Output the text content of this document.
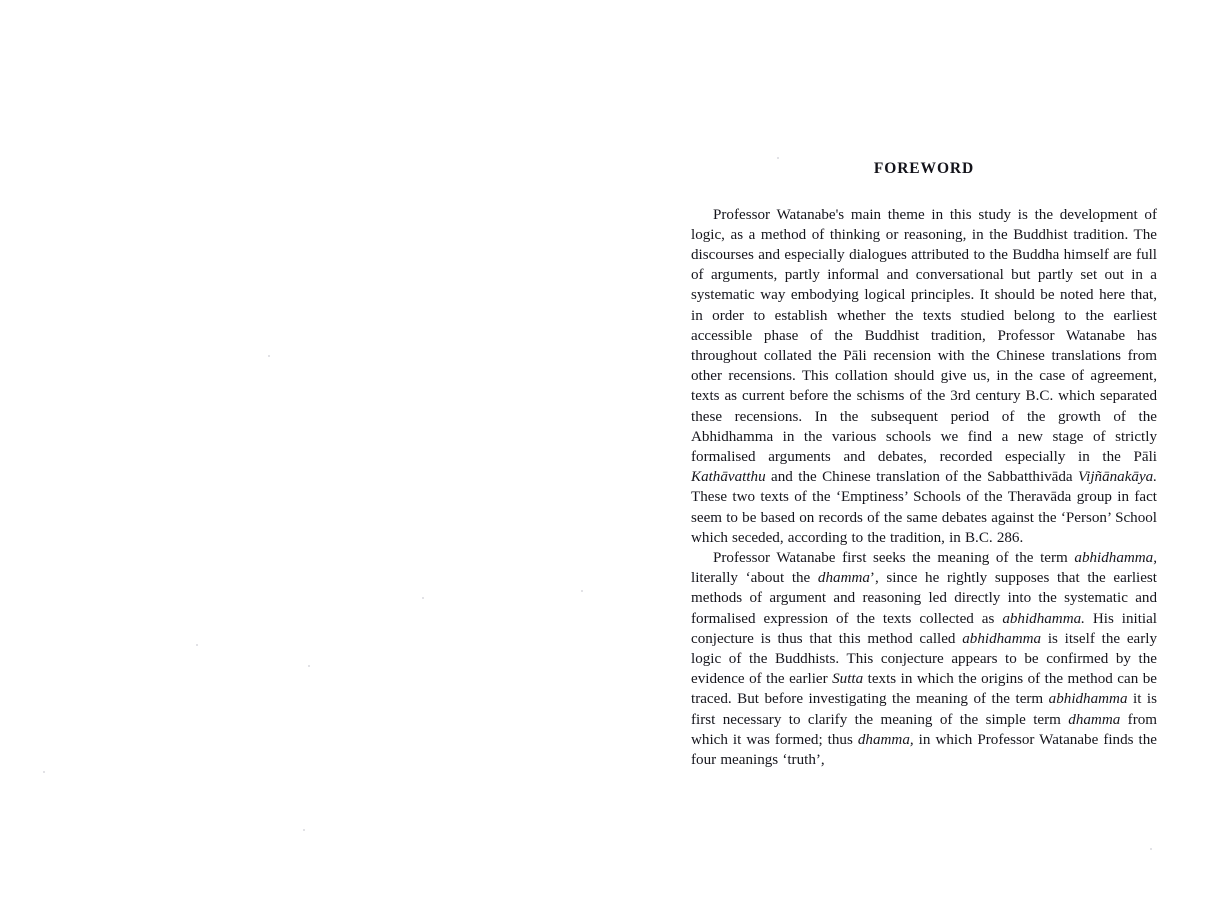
FOREWORD

Professor Watanabe's main theme in this study is the development of logic, as a method of thinking or reasoning, in the Buddhist tradition. The discourses and especially dialogues attributed to the Buddha himself are full of arguments, partly informal and conversational but partly set out in a systematic way embodying logical principles. It should be noted here that, in order to establish whether the texts studied belong to the earliest accessible phase of the Buddhist tradition, Professor Watanabe has throughout collated the Pāli recension with the Chinese translations from other recensions. This collation should give us, in the case of agreement, texts as current before the schisms of the 3rd century B.C. which separated these recensions. In the subsequent period of the growth of the Abhidhamma in the various schools we find a new stage of strictly formalised arguments and debates, recorded especially in the Pāli Kathāvatthu and the Chinese translation of the Sabbatthivāda Vijñānakāya. These two texts of the ‘Emptiness’ Schools of the Theravāda group in fact seem to be based on records of the same debates against the ‘Person’ School which seceded, according to the tradition, in B.C. 286.

Professor Watanabe first seeks the meaning of the term abhidhamma, literally ‘about the dhamma’, since he rightly supposes that the earliest methods of argument and reasoning led directly into the systematic and formalised expression of the texts collected as abhidhamma. His initial conjecture is thus that this method called abhidhamma is itself the early logic of the Buddhists. This conjecture appears to be confirmed by the evidence of the earlier Sutta texts in which the origins of the method can be traced. But before investigating the meaning of the term abhidhamma it is first necessary to clarify the meaning of the simple term dhamma from which it was formed; thus dhamma, in which Professor Watanabe finds the four meanings ‘truth’,
